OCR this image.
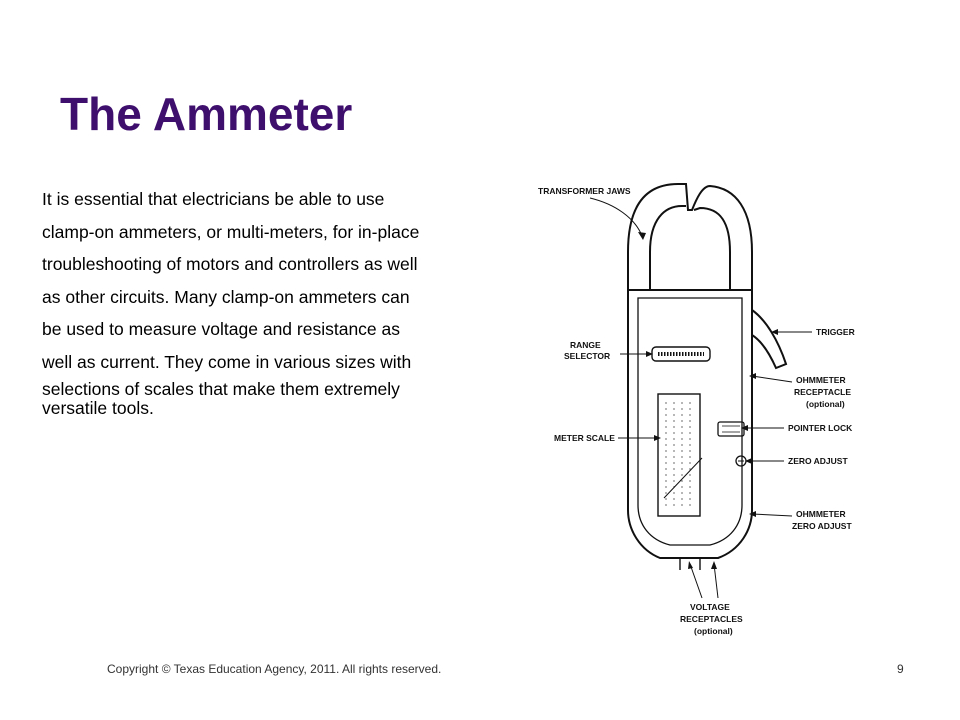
The Ammeter
It is essential that electricians be able to use
clamp-on ammeters, or multi-meters, for in-place
troubleshooting of motors and controllers as well
as other circuits. Many clamp-on ammeters can
be used to measure voltage and resistance as
well as current. They come in various sizes with
selections of scales that make them extremely
versatile tools.
TRANSFORMER JAWS
RANGE
SELECTOR
METER SCALE
TRIGGER
OHMMETER
RECEPTACLE
(optional)
POINTER LOCK
ZERO ADJUST
OHMMETER
ZERO ADJUST
VOLTAGE
RECEPTACLES
(optional)
Copyright © Texas Education Agency, 2011. All rights reserved.	9
